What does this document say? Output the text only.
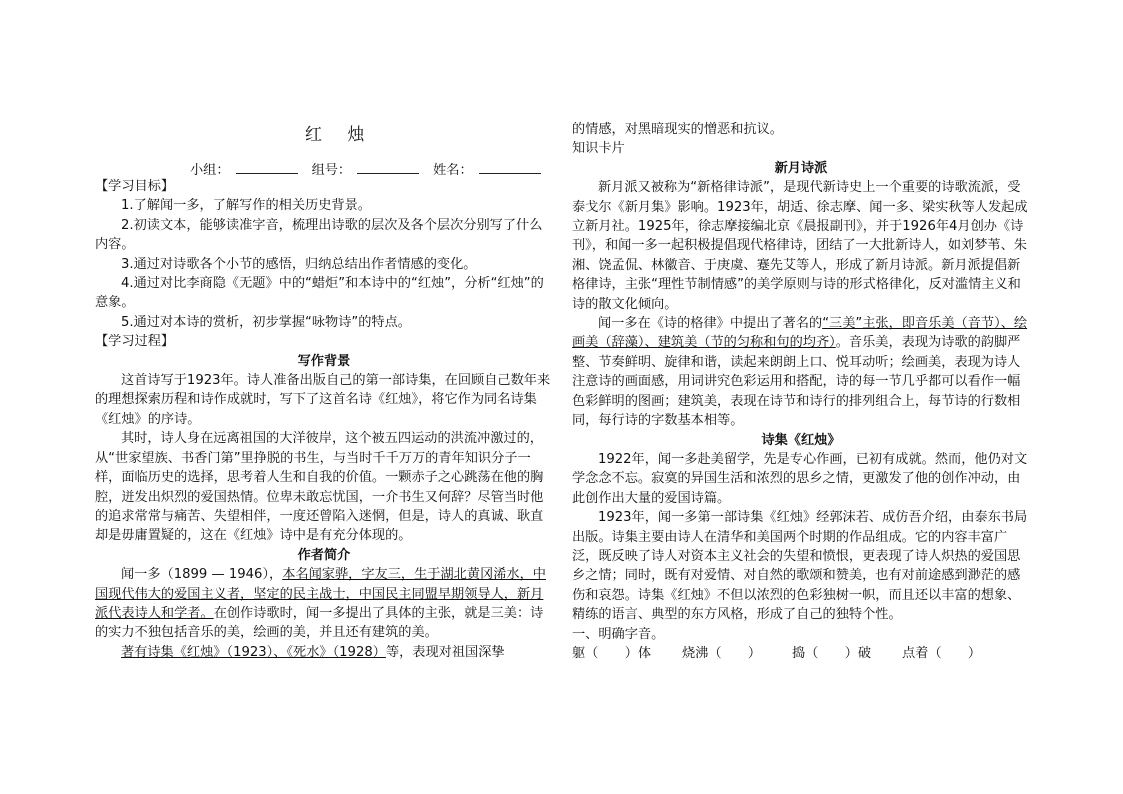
红 烛
小组：	组号：	姓名：

【学习目标】

1.了解闻一多，了解写作的相关历史背景。

2.初读文本，能够读准字音，梳理出诗歌的层次及各个层次分别写了什么内容。

3.通过对诗歌各个小节的感悟，归纳总结出作者情感的变化。

4.通过对比李商隐《无题》中的“蜡炬”和本诗中的“红烛”，分析“红烛”的意象。

5.通过对本诗的赏析，初步掌握“咏物诗”的特点。

【学习过程】

写作背景

这首诗写于1923年。诗人准备出版自己的第一部诗集，在回顾自己数年来的理想探索历程和诗作成就时，写下了这首名诗《红烛》，将它作为同名诗集《红烛》的序诗。

其时，诗人身在远离祖国的大洋彼岸，这个被五四运动的洪流冲激过的，从“世家望族、书香门第”里挣脱的书生，与当时千千万万的青年知识分子一样，面临历史的选择，思考着人生和自我的价值。一颗赤子之心跳荡在他的胸腔，迸发出炽烈的爱国热情。位卑未敢忘忧国，一介书生又何辞？尽管当时他的追求常常与痛苦、失望相伴，一度还曾陷入迷惘，但是，诗人的真诚、耿直却是毋庸置疑的，这在《红烛》诗中是有充分体现的。

作者简介

闻一多（1899 — 1946），本名闻家骅，字友三，生于湖北黄冈浠水，中国现代伟大的爱国主义者，坚定的民主战士，中国民主同盟早期领导人，新月派代表诗人和学者。在创作诗歌时，闻一多提出了具体的主张，就是三美：诗的实力不独包括音乐的美，绘画的美，并且还有建筑的美。

著有诗集《红烛》（1923）、《死水》（1928）等，表现对祖国深挚

的情感，对黑暗现实的憎恶和抗议。

知识卡片

新月诗派

新月派又被称为“新格律诗派”，是现代新诗史上一个重要的诗歌流派，受泰戈尔《新月集》影响。1923年，胡适、徐志摩、闻一多、梁实秋等人发起成立新月社。1925年，徐志摩接编北京《晨报副刊》，并于1926年4月创办《诗刊》，和闻一多一起积极提倡现代格律诗，团结了一大批新诗人，如刘梦苇、朱湘、饶孟侃、林徽音、于庚虞、蹇先艾等人，形成了新月诗派。新月派提倡新格律诗，主张“理性节制情感”的美学原则与诗的形式格律化，反对滥情主义和诗的散文化倾向。

闻一多在《诗的格律》中提出了著名的“三美”主张，即音乐美（音节）、绘画美（辞藻）、建筑美（节的匀称和句的均齐）。音乐美，表现为诗歌的韵脚严整、节奏鲜明、旋律和谐，读起来朗朗上口、悦耳动听；绘画美，表现为诗人注意诗的画面感，用词讲究色彩运用和搭配，诗的每一节几乎都可以看作一幅色彩鲜明的图画；建筑美，表现在诗节和诗行的排列组合上，每节诗的行数相同，每行诗的字数基本相等。

诗集《红烛》

1922年，闻一多赴美留学，先是专心作画，已初有成就。然而，他仍对文学念念不忘。寂寞的异国生活和浓烈的思乡之情，更激发了他的创作冲动，由此创作出大量的爱国诗篇。

1923年，闻一多第一部诗集《红烛》经郭沫若、成仿吾介绍，由泰东书局出版。诗集主要由诗人在清华和美国两个时期的作品组成。它的内容丰富广泛，既反映了诗人对资本主义社会的失望和愤恨，更表现了诗人炽热的爱国思乡之情；同时，既有对爱情、对自然的歌颂和赞美，也有对前途感到渺茫的感伤和哀怨。诗集《红烛》不但以浓烈的色彩独树一帜，而且还以丰富的想象、精练的语言、典型的东方风格，形成了自己的独特个性。

一、明确字音。

躯（　　）体 烧沸（　　） 捣（　　）破 点着（　　）
